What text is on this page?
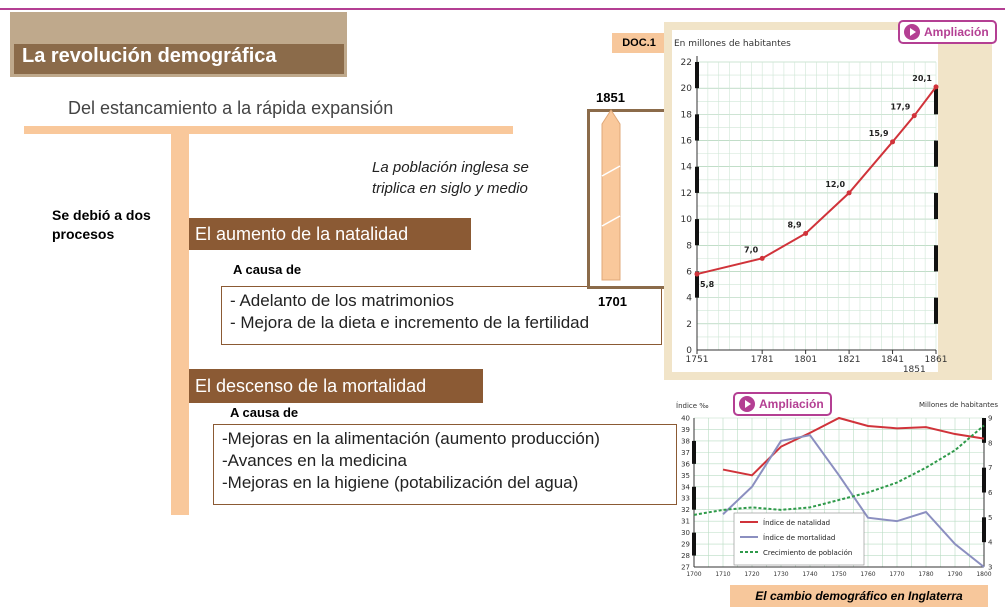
La revolución demográfica
Del estancamiento a la rápida expansión
Se debió a dos procesos	El aumento de la natalidad
A causa de
- Adelanto de los matrimonios
- Mejora de la dieta e incremento de la fertilidad
El descenso de la mortalidad
A causa de
-Mejoras en la alimentación (aumento producción)
-Avances en la medicina
-Mejoras en la higiene (potabilización del agua)
La población inglesa se
triplica en siglo y medio
1851
1701
DOC.1
Ampliación
En millones de habitantes
0
2
4
6
8
10
12
14
16
18
20
22
1751	1781 1801 1821 1841 1861
1851
5,8
7,0
8,9
12,0
15,9
17,9
20,1
Ampliación
Índice ‰	Millones de habitantes
27
28
29
30
31
32
33
34
35
36
37
38
39
40
3
4
5
6
7
8
9
1700 1710 1720 1730 1740 1750 1760 1770 1780 1790 1800
Índice de natalidad
Índice de mortalidad
Crecimiento de población
El cambio demográfico en Inglaterra
